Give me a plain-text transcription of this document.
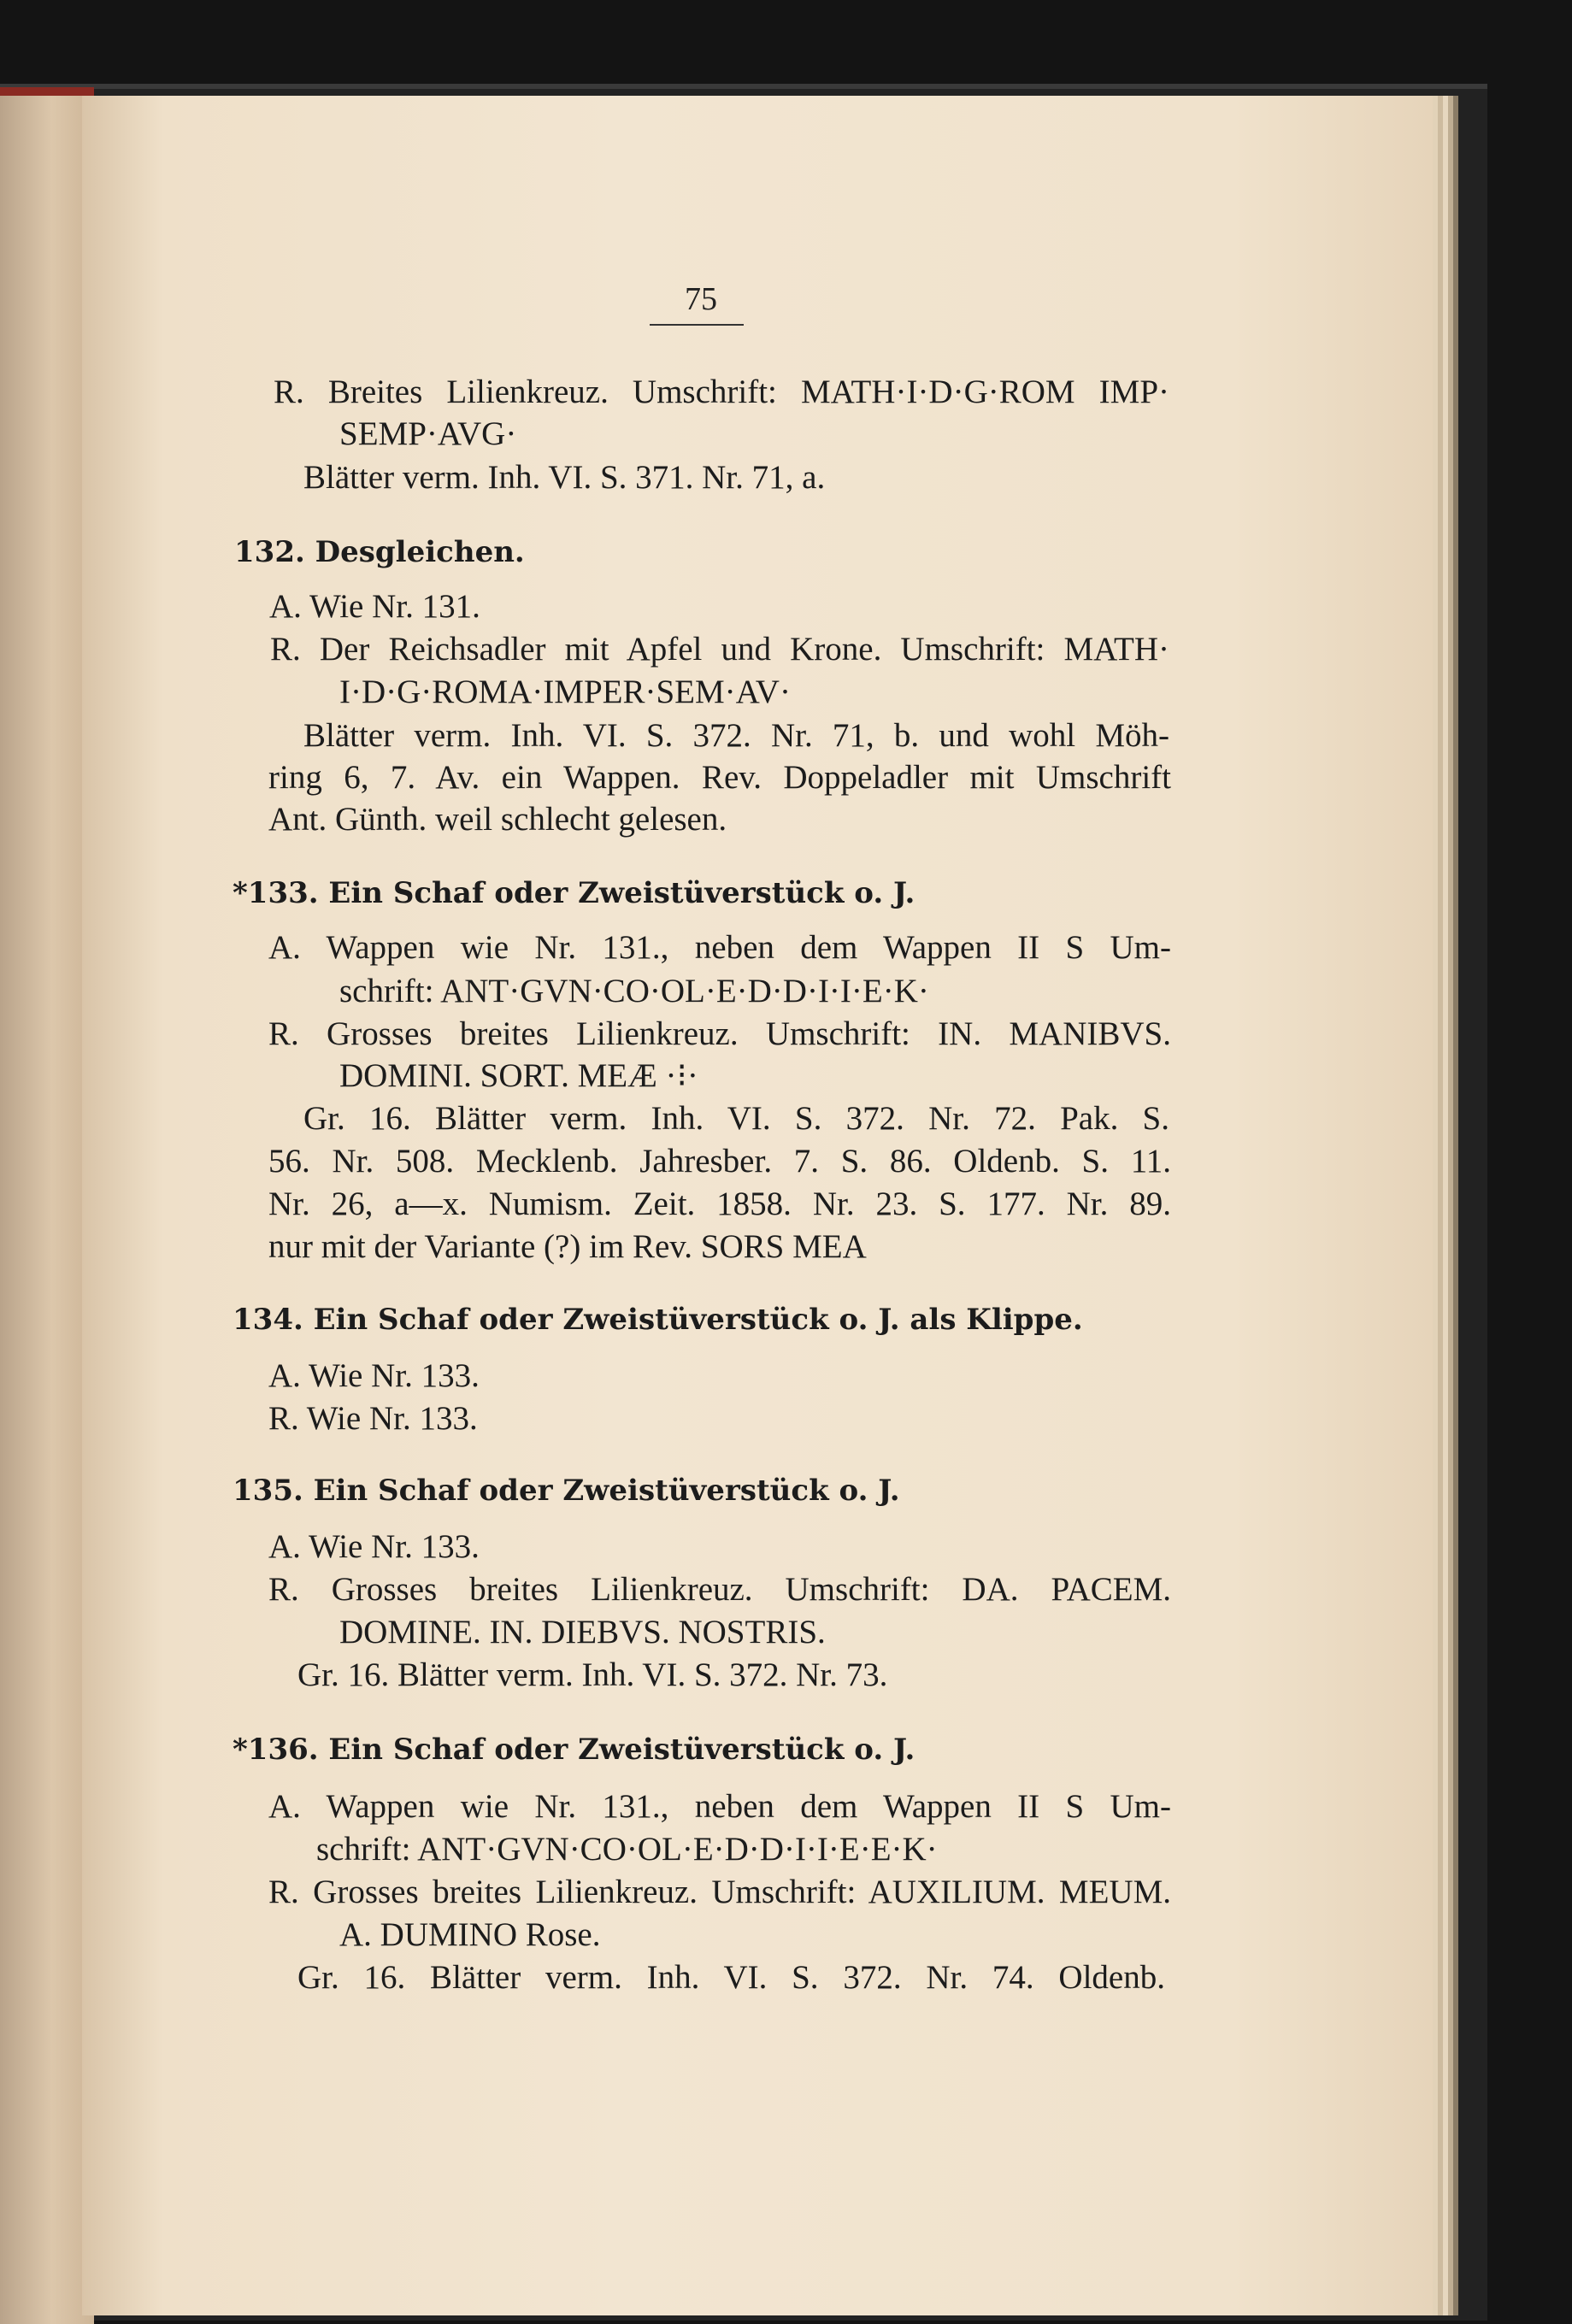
75
R. Breites Lilienkreuz. Umschrift: MATH·I·D·G·ROM IMP·
SEMP·AVG·
Blätter verm. Inh. VI. S. 371. Nr. 71, a.
132. Desgleichen.
A. Wie Nr. 131.
R. Der Reichsadler mit Apfel und Krone. Umschrift: MATH·
I·D·G·ROMA·IMPER·SEM·AV·
Blätter verm. Inh. VI. S. 372. Nr. 71, b. und wohl Möh-
ring 6, 7. Av. ein Wappen. Rev. Doppeladler mit Umschrift
Ant. Günth. weil schlecht gelesen.
*133. Ein Schaf oder Zweistüverstück o. J.
A. Wappen wie Nr. 131., neben dem Wappen II S Um-
schrift: ANT·GVN·CO·OL·E·D·D·I·I·E·K·
R. Grosses breites Lilienkreuz. Umschrift: IN. MANIBVS.
DOMINI. SORT. MEÆ ·⁝·
Gr. 16. Blätter verm. Inh. VI. S. 372. Nr. 72. Pak. S.
56. Nr. 508. Mecklenb. Jahresber. 7. S. 86. Oldenb. S. 11.
Nr. 26, a—x. Numism. Zeit. 1858. Nr. 23. S. 177. Nr. 89.
nur mit der Variante (?) im Rev. SORS MEA
134. Ein Schaf oder Zweistüverstück o. J. als Klippe.
A. Wie Nr. 133.
R. Wie Nr. 133.
135. Ein Schaf oder Zweistüverstück o. J.
A. Wie Nr. 133.
R. Grosses breites Lilienkreuz. Umschrift: DA. PACEM.
DOMINE. IN. DIEBVS. NOSTRIS.
Gr. 16. Blätter verm. Inh. VI. S. 372. Nr. 73.
*136. Ein Schaf oder Zweistüverstück o. J.
A. Wappen wie Nr. 131., neben dem Wappen II S Um-
schrift: ANT·GVN·CO·OL·E·D·D·I·I·E·E·K·
R. Grosses breites Lilienkreuz. Umschrift: AUXILIUM. MEUM.
A. DUMINO Rose.
Gr. 16. Blätter verm. Inh. VI. S. 372. Nr. 74. Oldenb.
